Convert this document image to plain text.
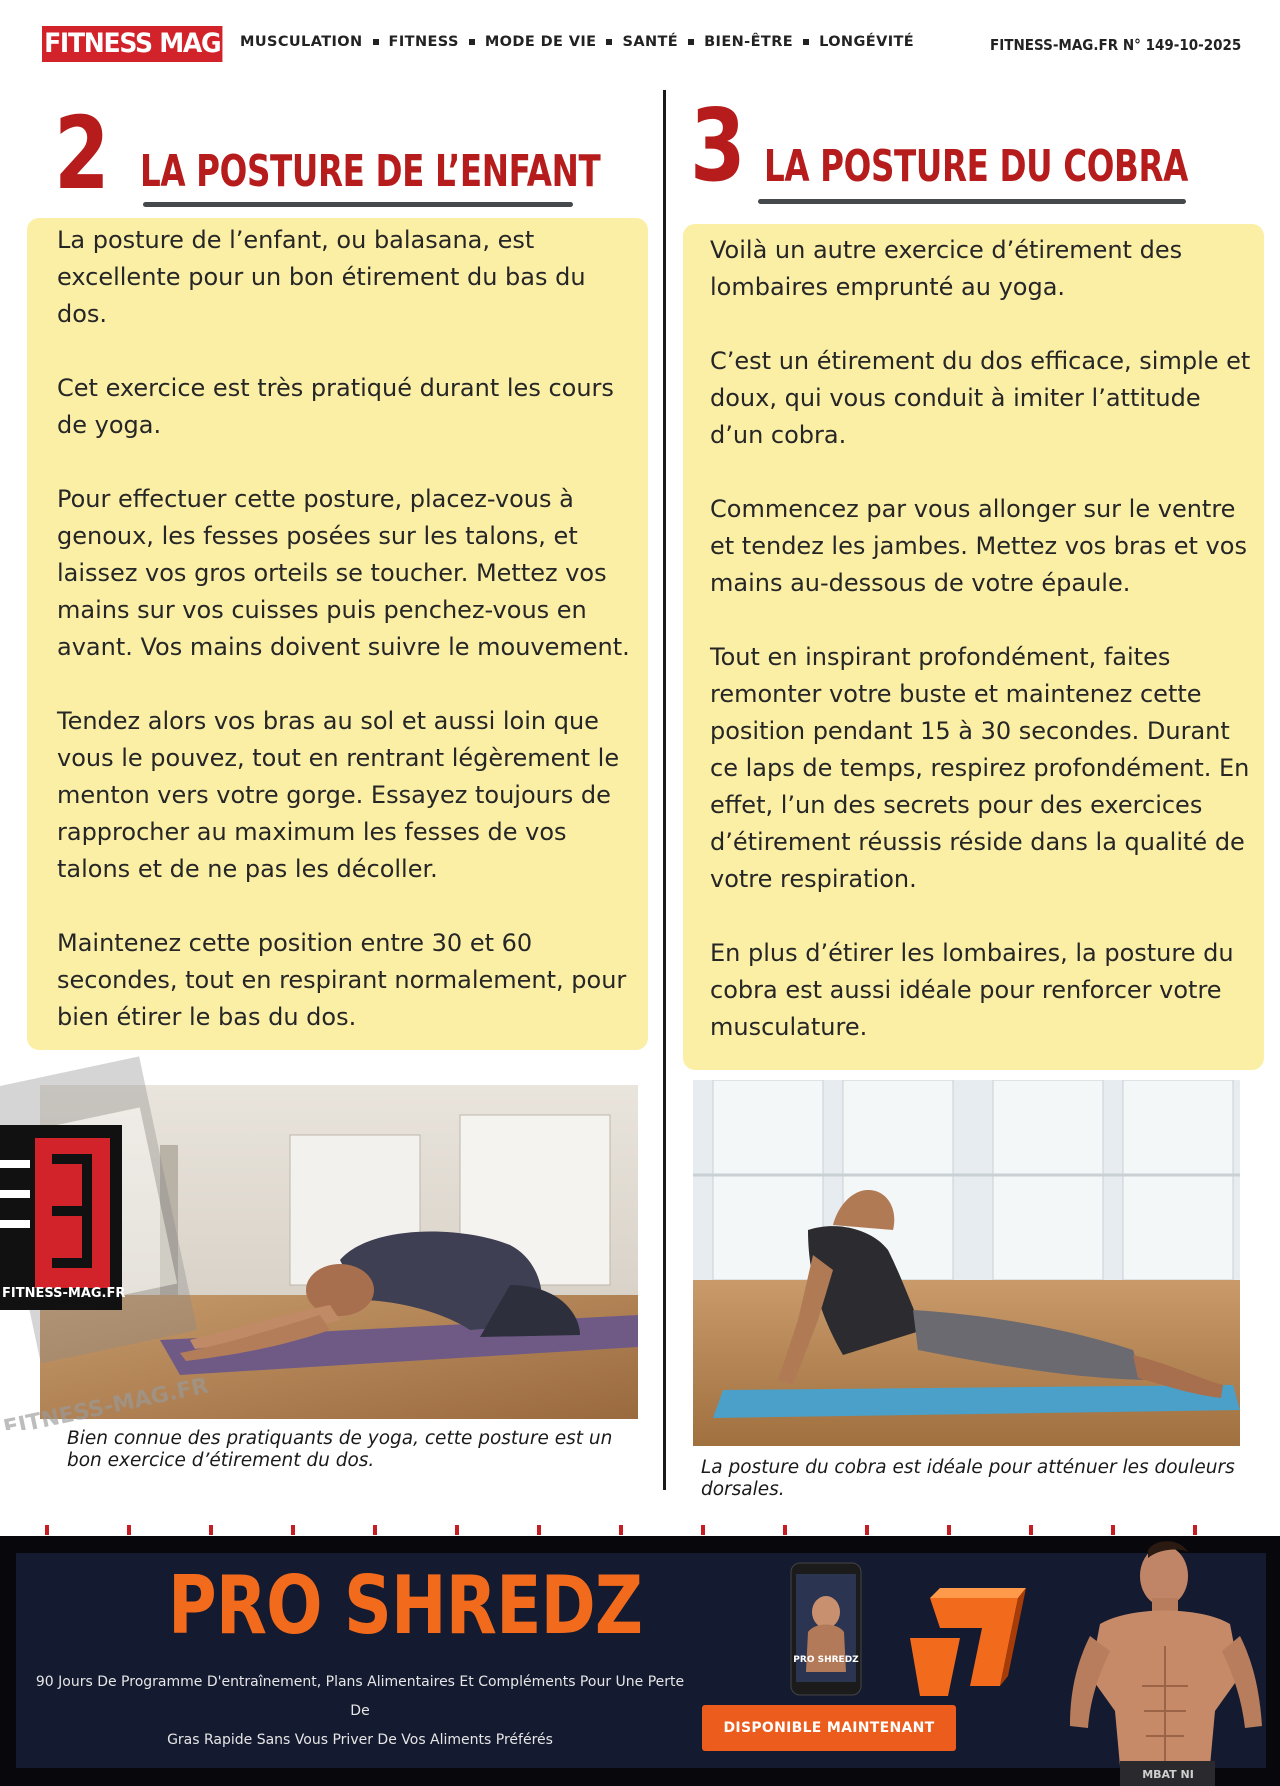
FITNESS MAG MUSCULATION FITNESS MODE DE VIE SANTÉ BIEN-ÊTRE LONGÉVITÉ	FITNESS-MAG.FR N° 149-10-2025
2 LA POSTURE DE L’ENFANT

La posture de l’enfant, ou balasana, est excellente pour un bon étirement du bas du dos.

Cet exercice est très pratiqué durant les cours de yoga.

Pour effectuer cette posture, placez-vous à genoux, les fesses posées sur les talons, et laissez vos gros orteils se toucher. Mettez vos mains sur vos cuisses puis penchez-vous en avant. Vos mains doivent suivre le mouvement.

Tendez alors vos bras au sol et aussi loin que vous le pouvez, tout en rentrant légèrement le menton vers votre gorge. Essayez toujours de rapprocher au maximum les fesses de vos talons et de ne pas les décoller.

Maintenez cette position entre 30 et 60 secondes, tout en respirant normalement, pour bien étirer le bas du dos.

Bien connue des pratiquants de yoga, cette posture est un bon exercice d’étirement du dos.
3 LA POSTURE DU COBRA

Voilà un autre exercice d’étirement des lombaires emprunté au yoga.

C’est un étirement du dos efficace, simple et doux, qui vous conduit à imiter l’attitude d’un cobra.

Commencez par vous allonger sur le ventre et tendez les jambes. Mettez vos bras et vos mains au-dessous de votre épaule.

Tout en inspirant profondément, faites remonter votre buste et maintenez cette position pendant 15 à 30 secondes. Durant ce laps de temps, respirez profondément. En effet, l’un des secrets pour des exercices d’étirement réussis réside dans la qualité de votre respiration.

En plus d’étirer les lombaires, la posture du cobra est aussi idéale pour renforcer votre musculature.

La posture du cobra est idéale pour atténuer les douleurs dorsales.
FITNESS-MAG.FR
FITNESS-MAG.FR
PRO SHREDZ
90 Jours De Programme D'entraînement, Plans Alimentaires Et Compléments Pour Une Perte De
Gras Rapide Sans Vous Priver De Vos Aliments Préférés
DISPONIBLE MAINTENANT
PRO SHREDZ
MBAT NI
